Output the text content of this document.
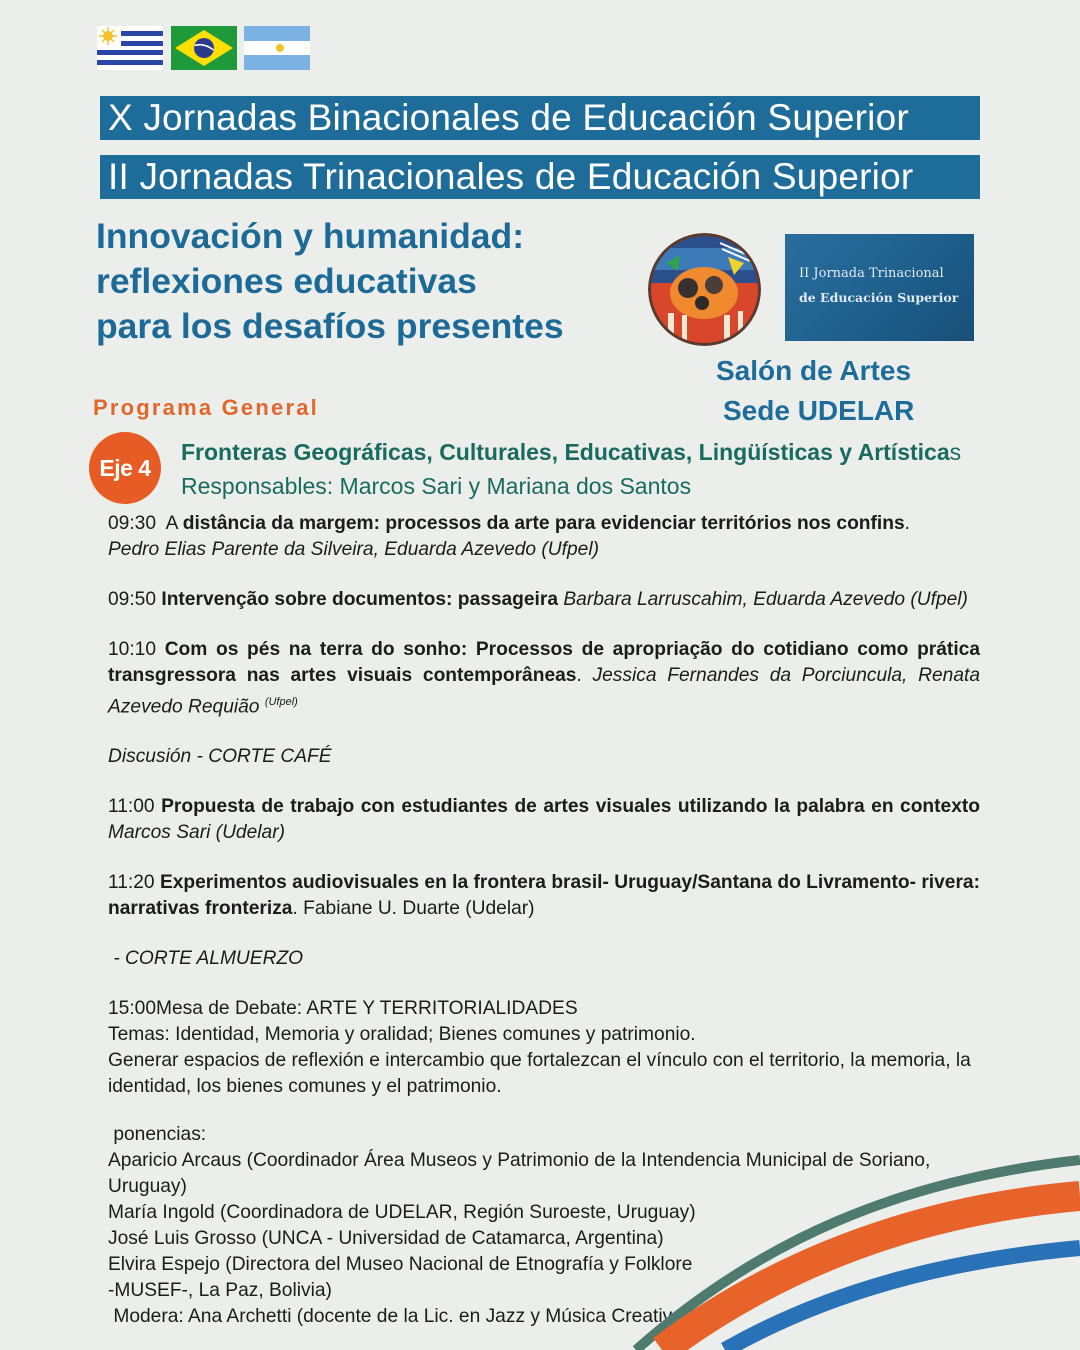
X Jornadas Binacionales de Educación Superior
II Jornadas Trinacionales de Educación Superior
Innovación y humanidad:
reflexiones educativas
para los desafíos presentes
II Jornada Trinacional
de Educación Superior
Salón de Artes
Sede UDELAR
Programa General
Eje 4
Fronteras Geográficas, Culturales, Educativas, Lingüísticas y Artísticas
Responsables: Marcos Sari y Mariana dos Santos

09:30 A distância da margem: processos da arte para evidenciar territórios nos confins.

Pedro Elias Parente da Silveira, Eduarda Azevedo (Ufpel)

09:50 Intervenção sobre documentos: passageira Barbara Larruscahim, Eduarda Azevedo (Ufpel)

10:10 Com os pés na terra do sonho: Processos de apropriação do cotidiano como prática transgressora nas artes visuais contemporâneas. Jessica Fernandes da Porciuncula, Renata Azevedo Requião $^{(Ufpel)}$

Discusión - CORTE CAFÉ

11:00 Propuesta de trabajo con estudiantes de artes visuales utilizando la palabra en contexto Marcos Sari (Udelar)

11:20 Experimentos audiovisuales en la frontera brasil- Uruguay/Santana do Livramento- rivera: narrativas fronteriza. Fabiane U. Duarte (Udelar)

- CORTE ALMUERZO

15:00Mesa de Debate: ARTE Y TERRITORIALIDADES

Temas: Identidad, Memoria y oralidad; Bienes comunes y patrimonio.

Generar espacios de reflexión e intercambio que fortalezcan el vínculo con el territorio, la memoria, la identidad, los bienes comunes y el patrimonio.

ponencias:

Aparicio Arcaus (Coordinador Área Museos y Patrimonio de la Intendencia Municipal de Soriano, Uruguay)

María Ingold (Coordinadora de UDELAR, Región Suroeste, Uruguay)

José Luis Grosso (UNCA - Universidad de Catamarca, Argentina)

Elvira Espejo (Directora del Museo Nacional de Etnografía y Folklore

-MUSEF-, La Paz, Bolivia)

Modera: Ana Archetti (docente de la Lic. en Jazz y Música Creativa
